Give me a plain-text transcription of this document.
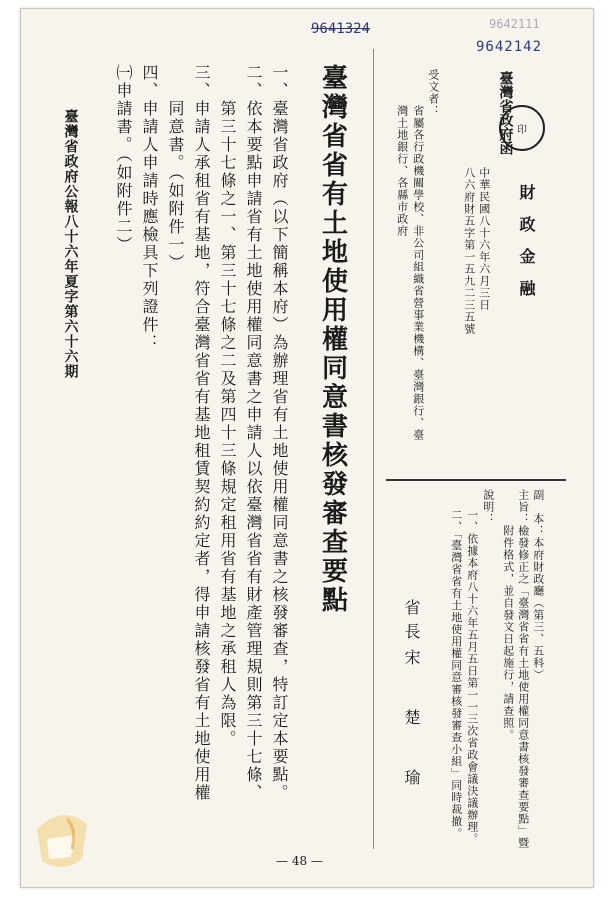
9642111
9641324
9642142
臺灣省政府函 印
財政金融
中華民國八十六年六月三日
八六府財五字第一五九二三五號
受文者：
省屬各行政機關學校、非公司組織省營事業機構、臺灣銀行、臺
灣土地銀行、各縣市政府
副　本：本府財政廳（第三、五科）
主旨：檢發修正之「臺灣省省有土地使用權同意書核發審查要點」暨
　　　附件格式，並自發文日起施行，請查照。
說明：
一、依據本府八十六年五月五日第一一三次省政會議決議辦理。
二、「臺灣省省有土地使用權同意審核發審查小組」同時裁撤。
省長
宋　楚　瑜
臺灣省省有土地使用權同意書核發審查要點
一、臺灣省政府（以下簡稱本府）為辦理省有土地使用權同意書之核發審查，特訂定本要點。
二、依本要點申請省有土地使用權同意書之申請人以依臺灣省省有財產管理規則第三十七條、
　　第三十七條之一、第三十七條之二及第四十三條規定租用省有基地之承租人為限。
三、申請人承租省有基地，符合臺灣省省有基地租賃契約約定者，得申請核發省有土地使用權
　　同意書。（如附件一）
四、申請人申請時應檢具下列證件：
㈠申請書。（如附件二）
臺灣省政府公報八十六年夏字第六十六期
— 48 —
